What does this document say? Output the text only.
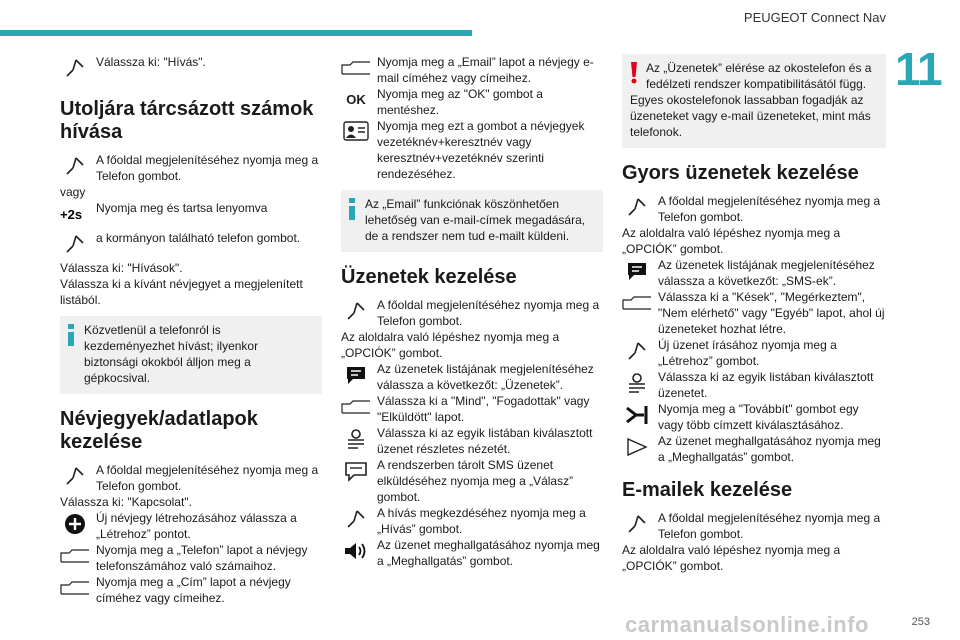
PEUGEOT Connect Nav
11
Válassza ki: "Hívás".
Utoljára tárcsázott számok hívása
A főoldal megjelenítéséhez nyomja meg a Telefon gombot.

vagy

+2s Nyomja meg és tartsa lenyomva
a kormányon található telefon gombot.

Válassza ki: "Hívások".

Válassza ki a kívánt névjegyet a megjelenített listából.

Közvetlenül a telefonról is kezdeményezhet hívást; ilyenkor biztonsági okokból álljon meg a gépkocsival.
Névjegyek/adatlapok kezelése
A főoldal megjelenítéséhez nyomja meg a Telefon gombot.

Válassza ki: "Kapcsolat".

Új névjegy létrehozásához válassza a „Létrehoz” pontot.
Nyomja meg a „Telefon” lapot a névjegy telefonszámához való számaihoz.
Nyomja meg a „Cím” lapot a névjegy címéhez vagy címeihez.
Nyomja meg a „Email” lapot a névjegy e-mail címéhez vagy címeihez.
OK Nyomja meg az "OK" gombot a mentéshez.
Nyomja meg ezt a gombot a névjegyek vezetéknév+keresztnév vagy keresztnév+vezetéknév szerinti rendezéséhez.
Az „Email” funkciónak köszönhetően lehetőség van e-mail-címek megadására, de a rendszer nem tud e-mailt küldeni.
Üzenetek kezelése
A főoldal megjelenítéséhez nyomja meg a Telefon gombot.

Az aloldalra való lépéshez nyomja meg a „OPCIÓK” gombot.

Az üzenetek listájának megjelenítéséhez válassza a következőt: „Üzenetek”.
Válassza ki a "Mind", "Fogadottak" vagy "Elküldött" lapot.
Válassza ki az egyik listában kiválasztott üzenet részletes nézetét.
A rendszerben tárolt SMS üzenet elküldéséhez nyomja meg a „Válasz” gombot.
A hívás megkezdéséhez nyomja meg a „Hívás” gombot.
Az üzenet meghallgatásához nyomja meg a „Meghallgatás” gombot.
Az „Üzenetek” elérése az okostelefon és a fedélzeti rendszer kompatibilitásától függ.
Egyes okostelefonok lassabban fogadják az üzeneteket vagy e-mail üzeneteket, mint más telefonok.
Gyors üzenetek kezelése
A főoldal megjelenítéséhez nyomja meg a Telefon gombot.

Az aloldalra való lépéshez nyomja meg a „OPCIÓK” gombot.

Az üzenetek listájának megjelenítéséhez válassza a következőt: „SMS-ek”.
Válassza ki a "Kések", "Megérkeztem", "Nem elérhető" vagy "Egyéb" lapot, ahol új üzeneteket hozhat létre.
Új üzenet írásához nyomja meg a „Létrehoz” gombot.
Válassza ki az egyik listában kiválasztott üzenetet.
Nyomja meg a "Továbbít" gombot egy vagy több címzett kiválasztásához.
Az üzenet meghallgatásához nyomja meg a „Meghallgatás” gombot.
E-mailek kezelése
A főoldal megjelenítéséhez nyomja meg a Telefon gombot.

Az aloldalra való lépéshez nyomja meg a „OPCIÓK” gombot.

carmanualsonline.info	253
